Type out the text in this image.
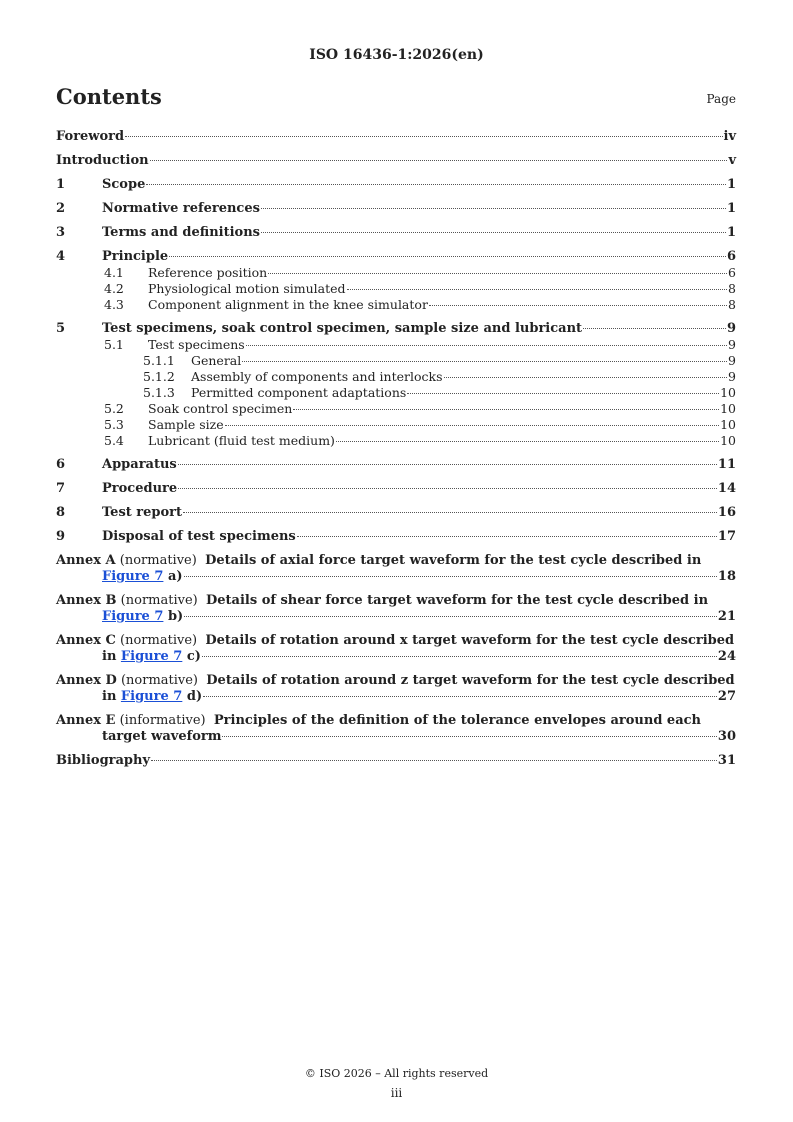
ISO 16436-1:2026(en)
Contents	Page
Foreword	iv
Introduction	v
1	Scope	1
2	Normative references	1
3	Terms and definitions	1
4	Principle	6
4.1	Reference position	6
4.2	Physiological motion simulated	8
4.3	Component alignment in the knee simulator	8
5	Test specimens, soak control specimen, sample size and lubricant	9
5.1	Test specimens	9
5.1.1	General	9
5.1.2	Assembly of components and interlocks	9
5.1.3	Permitted component adaptations	10
5.2	Soak control specimen	10
5.3	Sample size	10
5.4	Lubricant (fluid test medium)	10
6	Apparatus	11
7	Procedure	14
8	Test report	16
9	Disposal of test specimens	17
Annex A (normative) Details of axial force target waveform for the test cycle described in
Figure 7 a)	18
Annex B (normative) Details of shear force target waveform for the test cycle described in
Figure 7 b)	21
Annex C (normative) Details of rotation around x target waveform for the test cycle described
in Figure 7 c)	24
Annex D (normative) Details of rotation around z target waveform for the test cycle described
in Figure 7 d)	27
Annex E (informative) Principles of the definition of the tolerance envelopes around each
target waveform	30
Bibliography	31
© ISO 2026 – All rights reserved
iii
